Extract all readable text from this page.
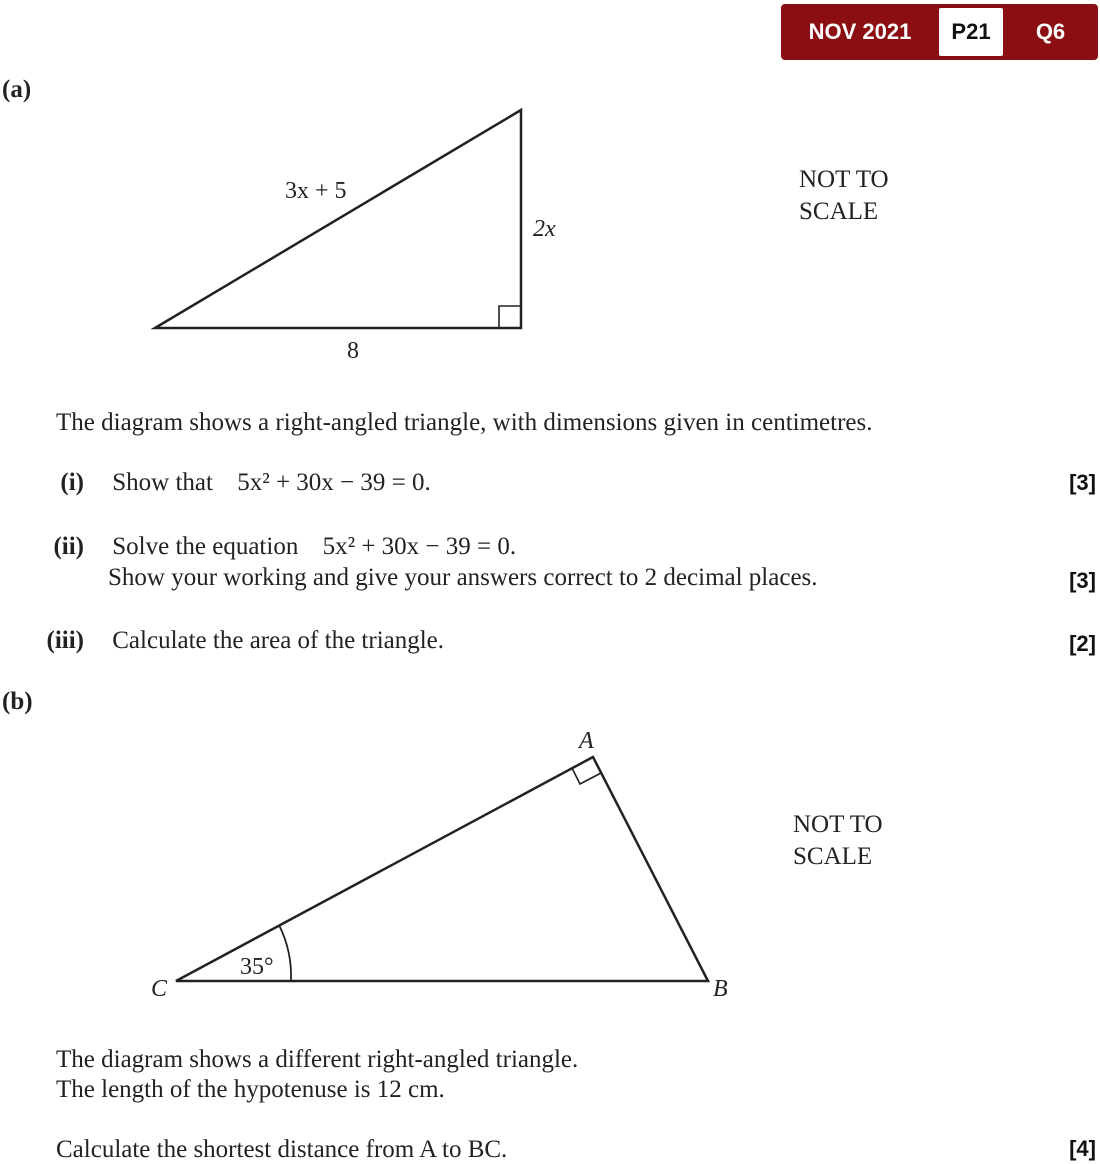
NOV 2021	P21	Q6
(a)
3x + 5
2x
8
NOT TO
SCALE
The diagram shows a right-angled triangle, with dimensions given in centimetres.
(i) Show that 5x² + 30x − 39 = 0.	[3]
(ii) Solve the equation 5x² + 30x − 39 = 0.
Show your working and give your answers correct to 2 decimal places.	[3]
(iii) Calculate the area of the triangle.	[2]
(b)
A
B
C
35°
NOT TO
SCALE
The diagram shows a different right-angled triangle.
The length of the hypotenuse is 12 cm.
Calculate the shortest distance from A to BC.	[4]
